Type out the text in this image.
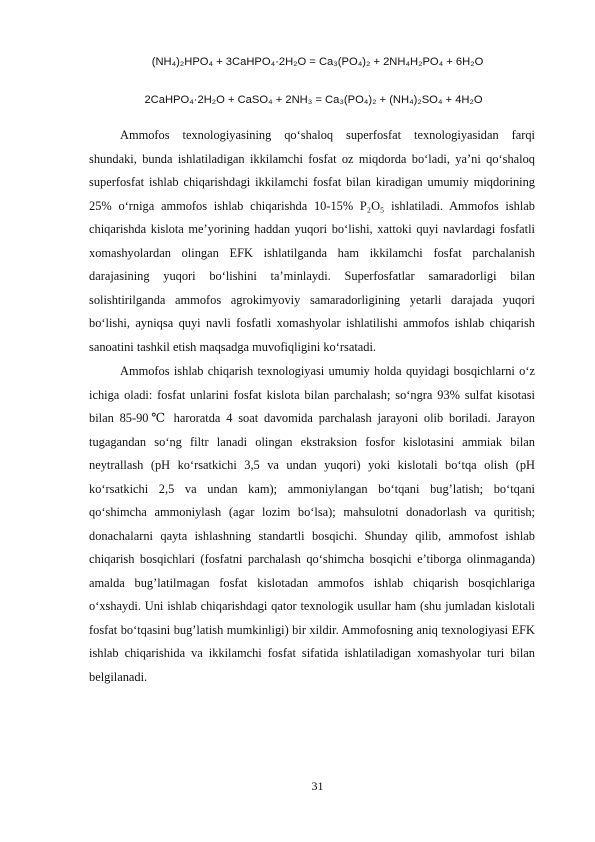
(NH₄)₂HPO₄ + 3CaHPO₄·2H₂O = Ca₃(PO₄)₂ + 2NH₄H₂PO₄ + 6H₂O
2CaHPO₄·2H₂O + CaSO₄ + 2NH₃ = Ca₃(PO₄)₂ + (NH₄)₂SO₄ + 4H₂O

Ammofos texnologiyasining qo‘shaloq superfosfat texnologiyasidan farqi shundaki, bunda ishlatiladigan ikkilamchi fosfat oz miqdorda bo‘ladi, ya’ni qo‘shaloq superfosfat ishlab chiqarishdagi ikkilamchi fosfat bilan kiradigan umumiy miqdorining 25% o‘rniga ammofos ishlab chiqarishda 10-15% P₂O₅ ishlatiladi. Ammofos ishlab chiqarishda kislota me’yorining haddan yuqori bo‘lishi, xattoki quyi navlardagi fosfatli xomashyolardan olingan EFK ishlatilganda ham ikkilamchi fosfat parchalanish darajasining yuqori bo‘lishini ta’minlaydi. Superfosfatlar samaradorligi bilan solishtirilganda ammofos agrokimyoviy samaradorligining yetarli darajada yuqori bo‘lishi, ayniqsa quyi navli fosfatli xomashyolar ishlatilishi ammofos ishlab chiqarish sanoatini tashkil etish maqsadga muvofiqligini ko‘rsatadi.

Ammofos ishlab chiqarish texnologiyasi umumiy holda quyidagi bosqichlarni o‘z ichiga oladi: fosfat unlarini fosfat kislota bilan parchalash; so‘ngra 93% sulfat kisotasi bilan 85-90℃ haroratda 4 soat davomida parchalash jarayoni olib boriladi. Jarayon tugagandan so‘ng filtr lanadi olingan ekstraksion fosfor kislotasini ammiak bilan neytrallash (pH ko‘rsatkichi 3,5 va undan yuqori) yoki kislotali bo‘tqa olish (pH ko‘rsatkichi 2,5 va undan kam); ammoniylangan bo‘tqani bug’latish; bo‘tqani qo‘shimcha ammoniylash (agar lozim bo‘lsa); mahsulotni donadorlash va quritish; donachalarni qayta ishlashning standartli bosqichi. Shunday qilib, ammofost ishlab chiqarish bosqichlari (fosfatni parchalash qo‘shimcha bosqichi e’tiborga olinmaganda) amalda bug’latilmagan fosfat kislotadan ammofos ishlab chiqarish bosqichlariga o‘xshaydi. Uni ishlab chiqarishdagi qator texnologik usullar ham (shu jumladan kislotali fosfat bo‘tqasini bug’latish mumkinligi) bir xildir. Ammofosning aniq texnologiyasi EFK ishlab chiqarishida va ikkilamchi fosfat sifatida ishlatiladigan xomashyolar turi bilan belgilanadi.

31
